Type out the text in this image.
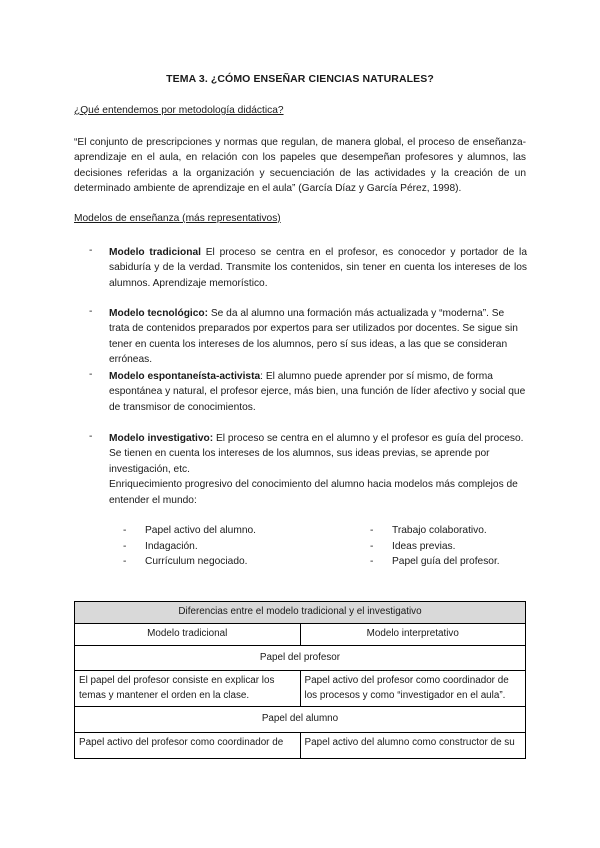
TEMA 3. ¿CÓMO ENSEÑAR CIENCIAS NATURALES?
¿Qué entendemos por metodología didáctica?
“El conjunto de prescripciones y normas que regulan, de manera global, el proceso de enseñanza-aprendizaje en el aula, en relación con los papeles que desempeñan profesores y alumnos, las decisiones referidas a la organización y secuenciación de las actividades y la creación de un determinado ambiente de aprendizaje en el aula” (García Díaz y García Pérez, 1998).
Modelos de enseñanza (más representativos)
- Modelo tradicional El proceso se centra en el profesor, es conocedor y portador de la sabiduría y de la verdad. Transmite los contenidos, sin tener en cuenta los intereses de los alumnos. Aprendizaje memorístico.
- Modelo tecnológico: Se da al alumno una formación más actualizada y “moderna”. Se trata de contenidos preparados por expertos para ser utilizados por docentes. Se sigue sin tener en cuenta los intereses de los alumnos, pero sí sus ideas, a las que se consideran erróneas.
- Modelo espontaneísta-activista: El alumno puede aprender por sí mismo, de forma espontánea y natural, el profesor ejerce, más bien, una función de líder afectivo y social que de transmisor de conocimientos.
- Modelo investigativo: El proceso se centra en el alumno y el profesor es guía del proceso. Se tienen en cuenta los intereses de los alumnos, sus ideas previas, se aprende por investigación, etc.
Enriquecimiento progresivo del conocimiento del alumno hacia modelos más complejos de entender el mundo:
-	Papel activo del alumno.
-	Indagación.
-	Currículum negociado.
-	Trabajo colaborativo.
-	Ideas previas.
-	Papel guía del profesor.
Diferencias entre el modelo tradicional y el investigativo	
Modelo tradicional	Modelo interpretativo
Papel del profesor	
El papel del profesor consiste en explicar los temas y mantener el orden en la clase.	Papel activo del profesor como coordinador de los procesos y como “investigador en el aula”.
Papel del alumno	
Papel activo del profesor como coordinador de	Papel activo del alumno como constructor de su
